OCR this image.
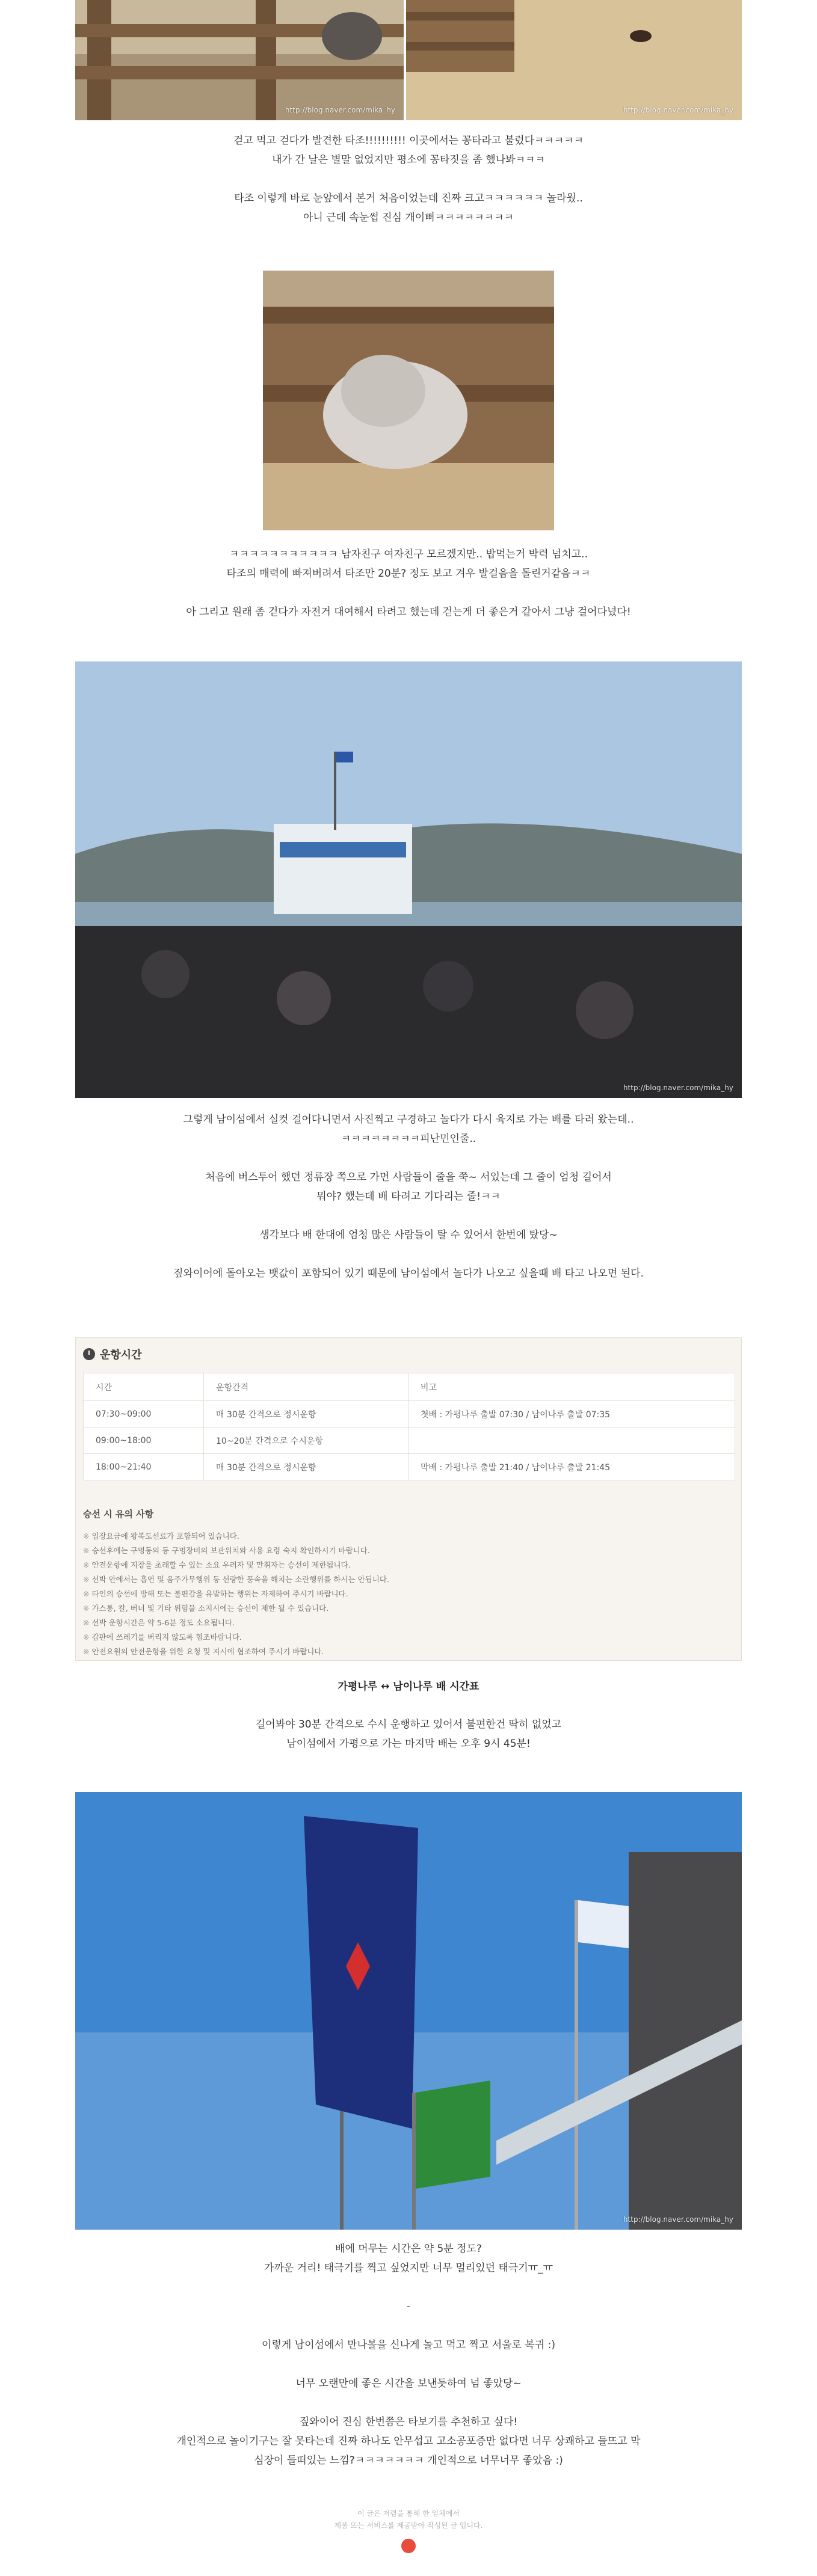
http://blog.naver.com/mika_hy	http://blog.naver.com/mika_hy

걷고 먹고 걷다가 발견한 타조!!!!!!!!!! 이곳에서는 꽁타라고 불렀다ㅋㅋㅋㅋㅋ

내가 간 날은 별말 없었지만 평소에 꽁타짓을 좀 했나봐ㅋㅋㅋ

타조 이렇게 바로 눈앞에서 본거 처음이었는데 진짜 크고ㅋㅋㅋㅋㅋㅋ 놀라웠..

아니 근데 속눈썹 진심 개이뻐ㅋㅋㅋㅋㅋㅋㅋㅋ

ㅋㅋㅋㅋㅋㅋㅋㅋㅋㅋㅋ 남자친구 여자친구 모르겠지만.. 밥먹는거 박력 넘치고..

타조의 매력에 빠져버려서 타조만 20분? 정도 보고 겨우 발걸음을 돌린거같음ㅋㅋ

아 그리고 원래 좀 걷다가 자전거 대여해서 타려고 했는데 걷는게 더 좋은거 같아서 그냥 걸어다녔다!

http://blog.naver.com/mika_hy

그렇게 남이섬에서 실컷 걸어다니면서 사진찍고 구경하고 놀다가 다시 육지로 가는 배를 타러 왔는데..

ㅋㅋㅋㅋㅋㅋㅋㅋ피난민인줄..

처음에 버스투어 했던 정류장 쪽으로 가면 사람들이 줄을 쭉~ 서있는데 그 줄이 엄청 길어서

뭐야? 했는데 배 타려고 기다리는 줄!ㅋㅋ

생각보다 배 한대에 엄청 많은 사람들이 탈 수 있어서 한번에 탔당~

짚와이어에 돌아오는 뱃값이 포함되어 있기 때문에 남이섬에서 놀다가 나오고 싶을때 배 타고 나오면 된다.

운항시간
시간	운항간격	비고
07:30~09:00	매 30분 간격으로 정시운항	첫배 : 가평나루 출발 07:30 / 남이나루 출발 07:35
09:00~18:00	10~20분 간격으로 수시운항	
18:00~21:40	매 30분 간격으로 정시운항	막배 : 가평나루 출발 21:40 / 남이나루 출발 21:45
승선 시 유의 사항
※ 입장요금에 왕복도선료가 포함되어 있습니다.
※ 승선후에는 구명동의 등 구명장비의 보관위치와 사용 요령 숙지 확인하시기 바랍니다.
※ 안전운항에 지장을 초래할 수 있는 소요 우려자 및 만취자는 승선이 제한됩니다.
※ 선박 안에서는 흡연 및 음주가무행위 등 선량한 풍속을 해치는 소란행위를 하시는 안됩니다.
※ 타인의 승선에 방해 또는 불편감을 유발하는 행위는 자제하여 주시기 바랍니다.
※ 가스통, 칼, 버너 및 기타 위험물 소지시에는 승선이 제한 될 수 있습니다.
※ 선박 운항시간은 약 5-6분 정도 소요됩니다.
※ 갑판에 쓰레기를 버리지 않도록 협조바랍니다.
※ 안전요원의 안전운항을 위한 요청 및 지시에 협조하여 주시기 바랍니다.
가평나루 ↔ 남이나루 배 시간표

길어봐야 30분 간격으로 수시 운행하고 있어서 불편한건 딱히 없었고

남이섬에서 가평으로 가는 마지막 배는 오후 9시 45분!

http://blog.naver.com/mika_hy

배에 머무는 시간은 약 5분 정도?

가까운 거리! 태극기를 찍고 싶었지만 너무 멀리있던 태극기ㅠ_ㅠ

-

이렇게 남이섬에서 만나볼을 신나게 놀고 먹고 찍고 서울로 복귀 :)

너무 오랜만에 좋은 시간을 보낸듯하여 넘 좋았당~

짚와이어 진심 한번쯤은 타보기를 추천하고 싶다!

개인적으로 놀이기구는 잘 못타는데 진짜 하나도 안무섭고 고소공포증만 없다면 너무 상쾌하고 들뜨고 막

심장이 들떠있는 느낌?ㅋㅋㅋㅋㅋㅋㅋ 개인적으로 너무너무 좋았음 :)

이 글은 저렴을 통해 한 일체에서

제품 또는 서비스를 제공받아 작성된 글 입니다.
